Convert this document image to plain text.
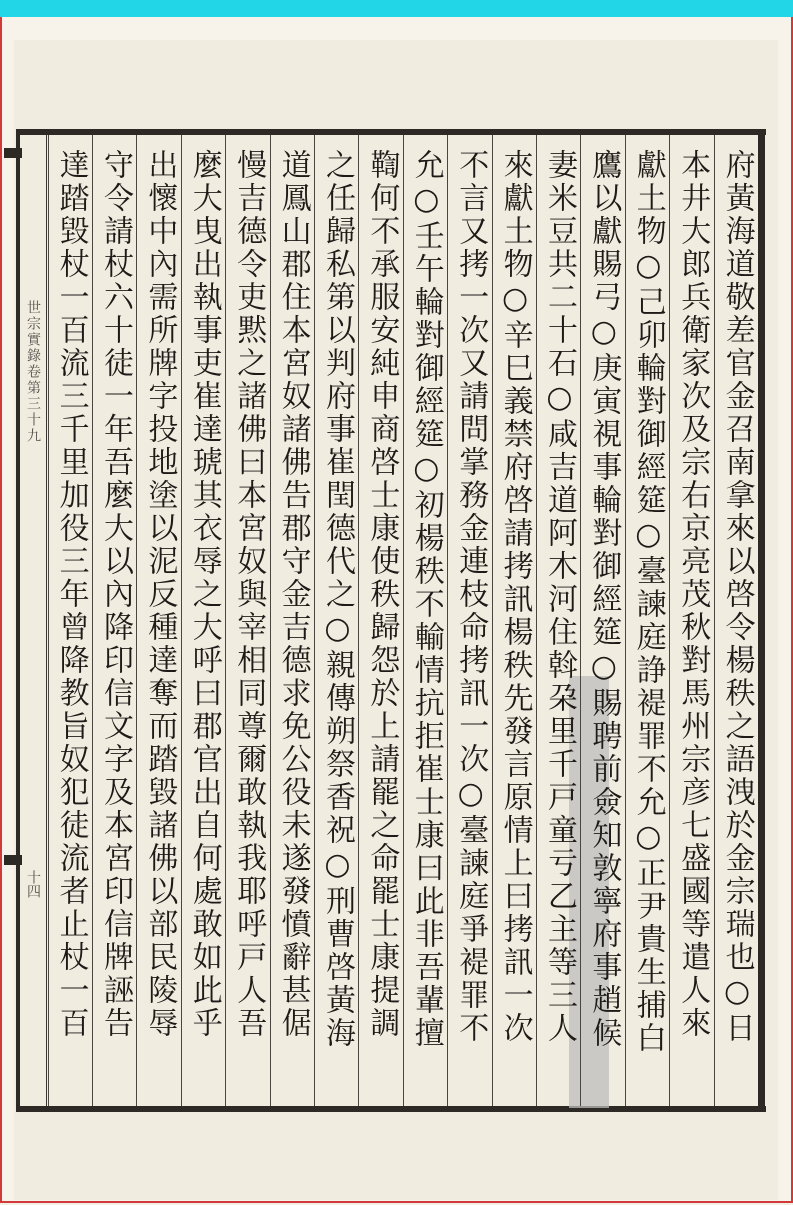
世宗實錄卷第三十九
十四	府黃海道敬差官金召南拿來以啓令楊秩之語洩於金宗瑞也○日
本井大郎兵衛家次及宗右京亮茂秋對馬州宗彦七盛國等遣人來
獻土物○己卯輪對御經筵○臺諫庭諍褆罪不允○正尹貴生捕白
鷹以獻賜弓○庚寅視事輪對御經筵○賜聘前僉知敦寧府事趙候
妻米豆共二十石○咸吉道阿木河住斡朶里千戸童亏乙主等三人
來獻土物○辛巳義禁府啓請拷訊楊秩先發言原情上曰拷訊一次
不言又拷一次又請問掌務金連枝命拷訊一次○臺諫庭爭褆罪不
允○壬午輪對御經筵○初楊秩不輸情抗拒崔士康曰此非吾輩擅
鞫何不承服安純申商啓士康使秩歸怨於上請罷之命罷士康提調
之任歸私第以判府事崔閏德代之○親傳朔祭香祝○刑曹啓黃海
道鳳山郡住本宮奴諸佛告郡守金吉德求免公役未遂發憤辭甚倨
慢吉德令吏黙之諸佛曰本宮奴與宰相同尊爾敢執我耶呼戸人吾
麼大曳出執事吏崔達琥其衣辱之大呼曰郡官出自何處敢如此乎
出懷中內需所牌字投地塗以泥反種達奪而踏毀諸佛以部民陵辱
守令請杖六十徒一年吾麼大以內降印信文字及本宮印信牌誣告
達踏毀杖一百流三千里加役三年曾降教旨奴犯徒流者止杖一百
